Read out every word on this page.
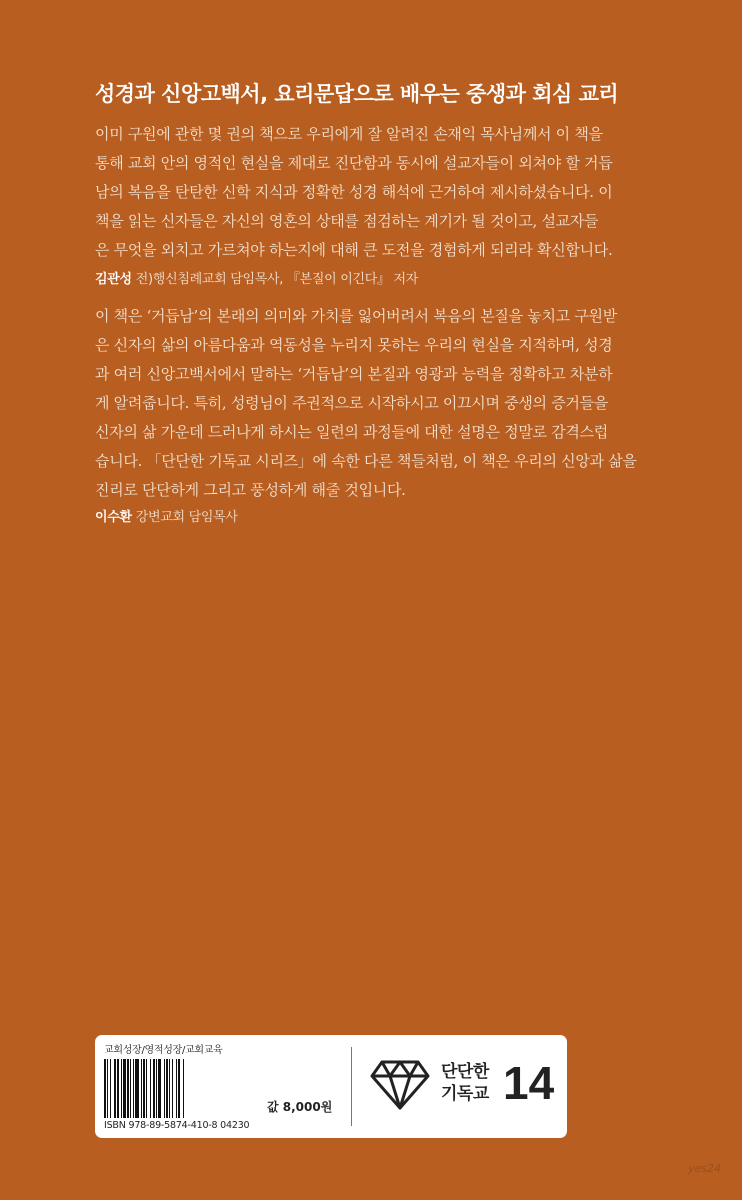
성경과 신앙고백서, 요리문답으로 배우는 중생과 회심 교리
이미 구원에 관한 몇 권의 책으로 우리에게 잘 알려진 손재익 목사님께서 이 책을
통해 교회 안의 영적인 현실을 제대로 진단함과 동시에 설교자들이 외쳐야 할 거듭
남의 복음을 탄탄한 신학 지식과 정확한 성경 해석에 근거하여 제시하셨습니다. 이
책을 읽는 신자들은 자신의 영혼의 상태를 점검하는 계기가 될 것이고, 설교자들
은 무엇을 외치고 가르쳐야 하는지에 대해 큰 도전을 경험하게 되리라 확신합니다.
김관성 전)행신침례교회 담임목사, 『본질이 이긴다』 저자
이 책은 ‘거듭남’의 본래의 의미와 가치를 잃어버려서 복음의 본질을 놓치고 구원받
은 신자의 삶의 아름다움과 역동성을 누리지 못하는 우리의 현실을 지적하며, 성경
과 여러 신앙고백서에서 말하는 ‘거듭남’의 본질과 영광과 능력을 정확하고 차분하
게 알려줍니다. 특히, 성령님이 주권적으로 시작하시고 이끄시며 중생의 증거들을
신자의 삶 가운데 드러나게 하시는 일련의 과정들에 대한 설명은 정말로 감격스럽
습니다. 「단단한 기독교 시리즈」에 속한 다른 책들처럼, 이 책은 우리의 신앙과 삶을
진리로 단단하게 그리고 풍성하게 해줄 것입니다.
이수환 강변교회 담임목사
교회성장/영적성장/교회교육
ISBN 978-89-5874-410-8 04230
값 8,000원
단단한
기독교 14
yes24
